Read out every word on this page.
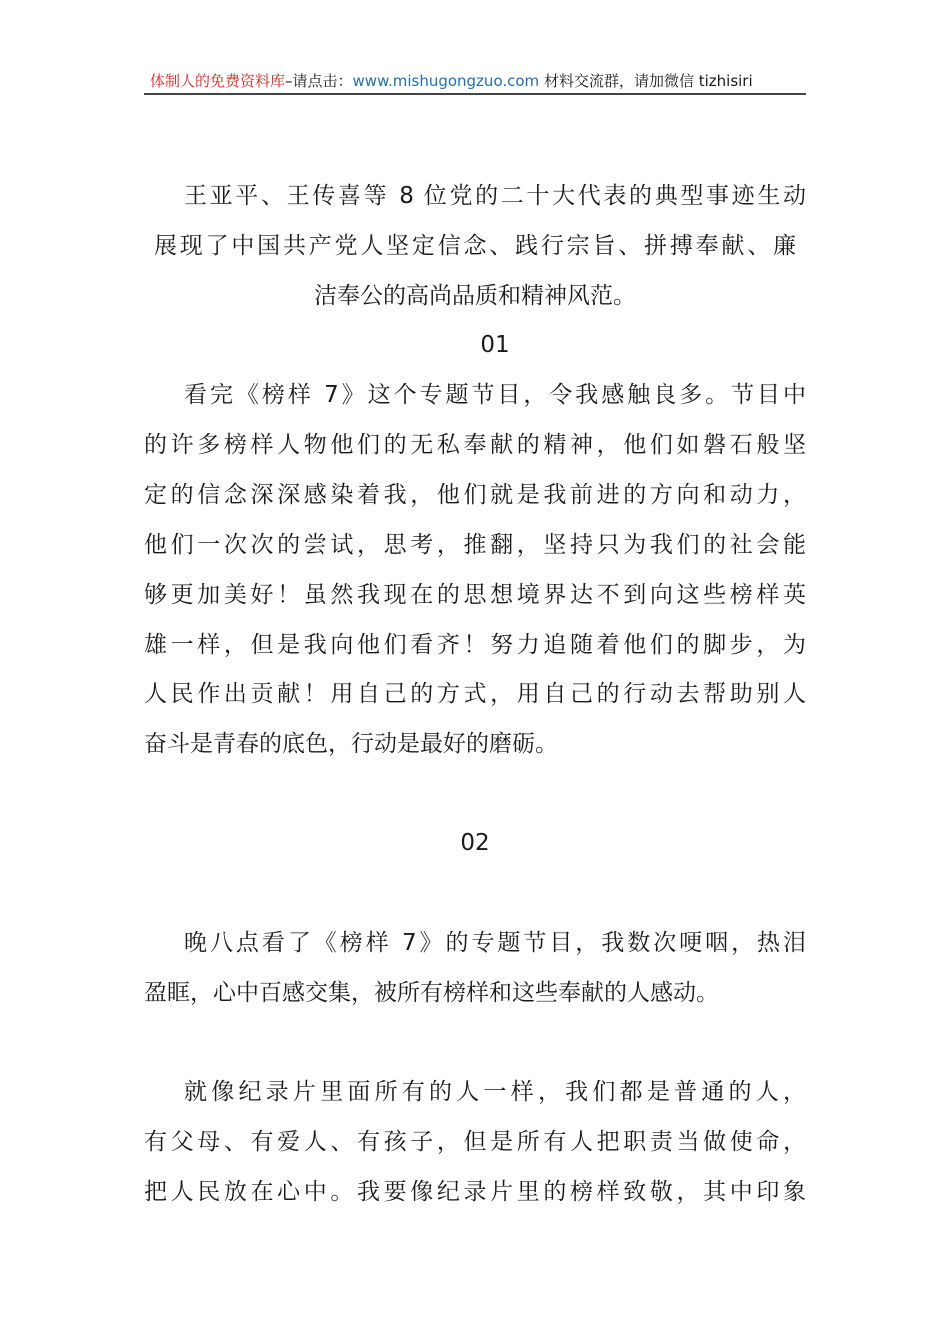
体制人的免费资料库–请点击：www.mishugongzuo.com 材料交流群，请加微信 tizhisiri
王亚平、王传喜等 8 位党的二十大代表的典型事迹生动
展现了中国共产党人坚定信念、践行宗旨、拼搏奉献、廉
洁奉公的高尚品质和精神风范。
01
看完《榜样 7》这个专题节目，令我感触良多。节目中
的许多榜样人物他们的无私奉献的精神，他们如磐石般坚
定的信念深深感染着我，他们就是我前进的方向和动力，
他们一次次的尝试，思考，推翻，坚持只为我们的社会能
够更加美好！虽然我现在的思想境界达不到向这些榜样英
雄一样，但是我向他们看齐！努力追随着他们的脚步，为
人民作出贡献！用自己的方式，用自己的行动去帮助别人
奋斗是青春的底色，行动是最好的磨砺。
02
晚八点看了《榜样 7》的专题节目，我数次哽咽，热泪
盈眶，心中百感交集，被所有榜样和这些奉献的人感动。
就像纪录片里面所有的人一样，我们都是普通的人，
有父母、有爱人、有孩子，但是所有人把职责当做使命，
把人民放在心中。我要像纪录片里的榜样致敬，其中印象
